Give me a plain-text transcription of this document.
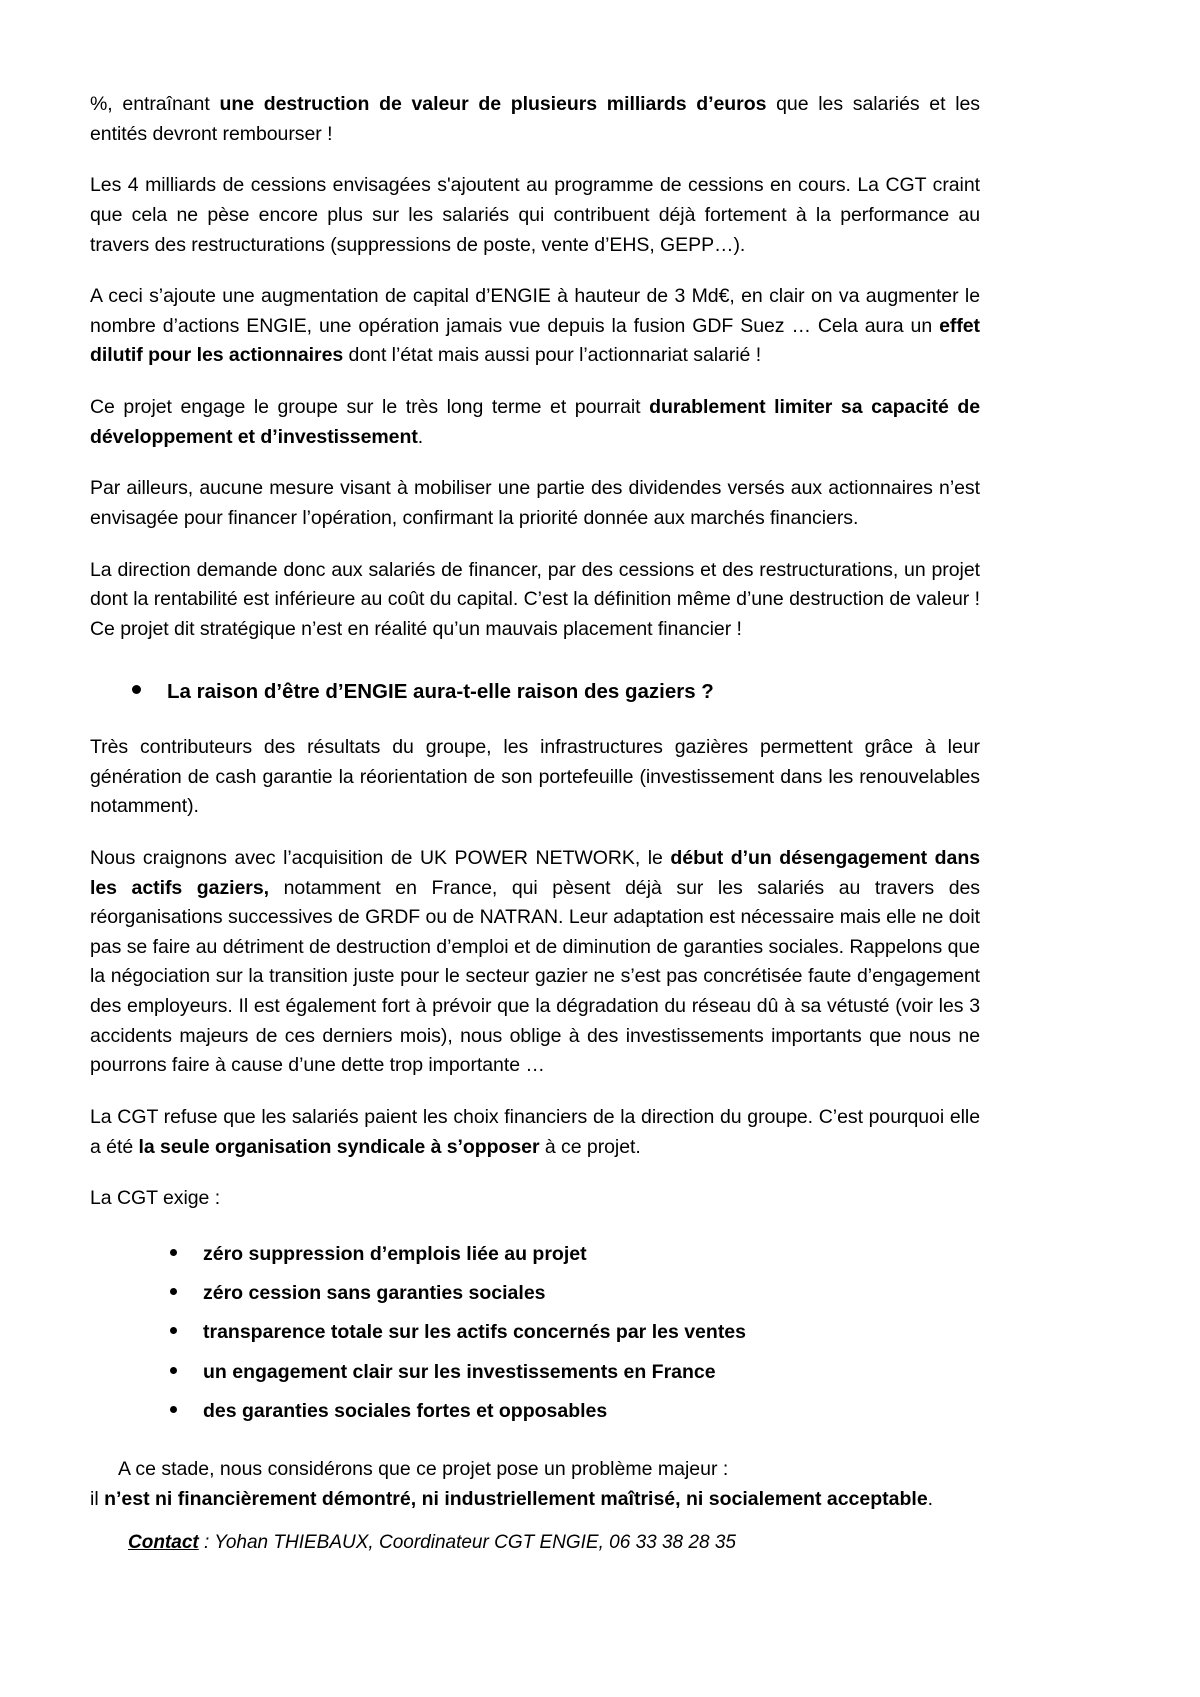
%, entraînant une destruction de valeur de plusieurs milliards d’euros que les salariés et les entités devront rembourser !

Les 4 milliards de cessions envisagées s'ajoutent au programme de cessions en cours. La CGT craint que cela ne pèse encore plus sur les salariés qui contribuent déjà fortement à la performance au travers des restructurations (suppressions de poste, vente d’EHS, GEPP…).

A ceci s’ajoute une augmentation de capital d’ENGIE à hauteur de 3 Md€, en clair on va augmenter le nombre d’actions ENGIE, une opération jamais vue depuis la fusion GDF Suez … Cela aura un effet dilutif pour les actionnaires dont l’état mais aussi pour l’actionnariat salarié !

Ce projet engage le groupe sur le très long terme et pourrait durablement limiter sa capacité de développement et d’investissement.

Par ailleurs, aucune mesure visant à mobiliser une partie des dividendes versés aux actionnaires n’est envisagée pour financer l’opération, confirmant la priorité donnée aux marchés financiers.

La direction demande donc aux salariés de financer, par des cessions et des restructurations, un projet dont la rentabilité est inférieure au coût du capital. C’est la définition même d’une destruction de valeur ! Ce projet dit stratégique n’est en réalité qu’un mauvais placement financier !

La raison d’être d’ENGIE aura-t-elle raison des gaziers ?

Très contributeurs des résultats du groupe, les infrastructures gazières permettent grâce à leur génération de cash garantie la réorientation de son portefeuille (investissement dans les renouvelables notamment).

Nous craignons avec l’acquisition de UK POWER NETWORK, le début d’un désengagement dans les actifs gaziers, notamment en France, qui pèsent déjà sur les salariés au travers des réorganisations successives de GRDF ou de NATRAN. Leur adaptation est nécessaire mais elle ne doit pas se faire au détriment de destruction d’emploi et de diminution de garanties sociales. Rappelons que la négociation sur la transition juste pour le secteur gazier ne s’est pas concrétisée faute d’engagement des employeurs. Il est également fort à prévoir que la dégradation du réseau dû à sa vétusté (voir les 3 accidents majeurs de ces derniers mois), nous oblige à des investissements importants que nous ne pourrons faire à cause d’une dette trop importante …

La CGT refuse que les salariés paient les choix financiers de la direction du groupe. C’est pourquoi elle a été la seule organisation syndicale à s’opposer à ce projet.

La CGT exige :

zéro suppression d’emplois liée au projet
zéro cession sans garanties sociales
transparence totale sur les actifs concernés par les ventes
un engagement clair sur les investissements en France
des garanties sociales fortes et opposables
A ce stade, nous considérons que ce projet pose un problème majeur :
il n’est ni financièrement démontré, ni industriellement maîtrisé, ni socialement acceptable.
Contact : Yohan THIEBAUX, Coordinateur CGT ENGIE, 06 33 38 28 35
